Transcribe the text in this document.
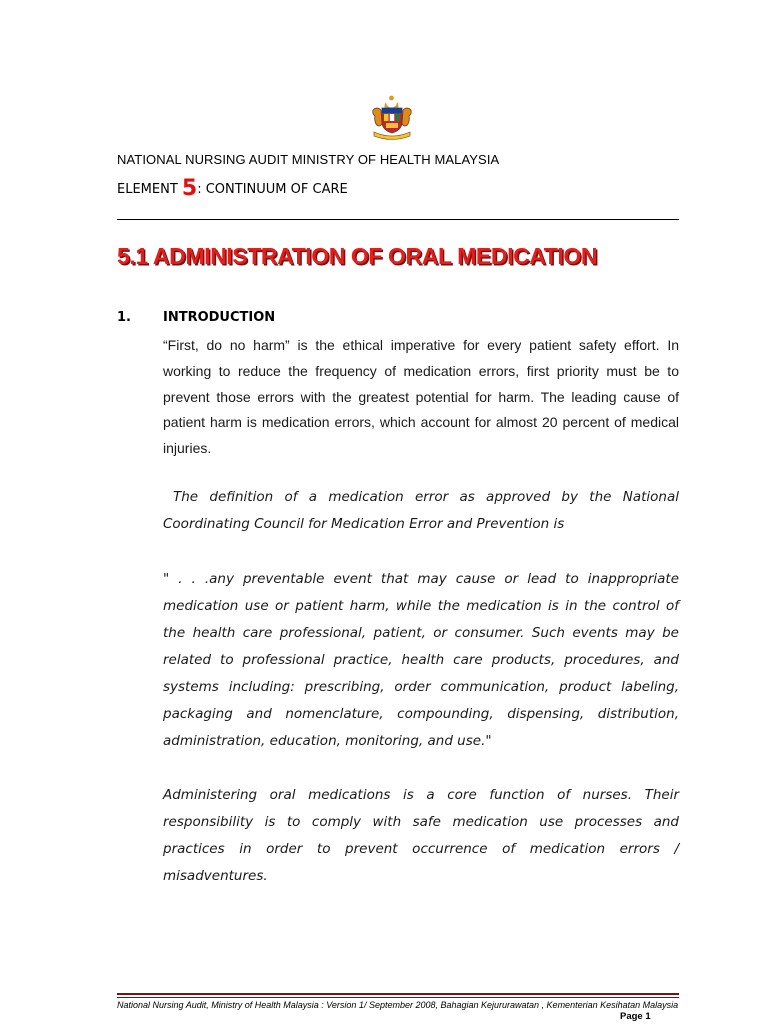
NATIONAL NURSING AUDIT MINISTRY OF HEALTH MALAYSIA
ELEMENT 5: CONTINUUM OF CARE
5.1 ADMINISTRATION OF ORAL MEDICATION
1. INTRODUCTION
“First, do no harm” is the ethical imperative for every patient safety effort. In working to reduce the frequency of medication errors, first priority must be to prevent those errors with the greatest potential for harm. The leading cause of patient harm is medication errors, which account for almost 20 percent of medical injuries.
The definition of a medication error as approved by the National Coordinating Council for Medication Error and Prevention is
" . . .any preventable event that may cause or lead to inappropriate medication use or patient harm, while the medication is in the control of the health care professional, patient, or consumer. Such events may be related to professional practice, health care products, procedures, and systems including: prescribing, order communication, product labeling, packaging and nomenclature, compounding, dispensing, distribution, administration, education, monitoring, and use."
Administering oral medications is a core function of nurses. Their responsibility is to comply with safe medication use processes and practices in order to prevent occurrence of medication errors / misadventures.
National Nursing Audit, Ministry of Health Malaysia : Version 1/ September 2008, Bahagian Kejururawatan , Kementerian Kesihatan Malaysia
Page 1
